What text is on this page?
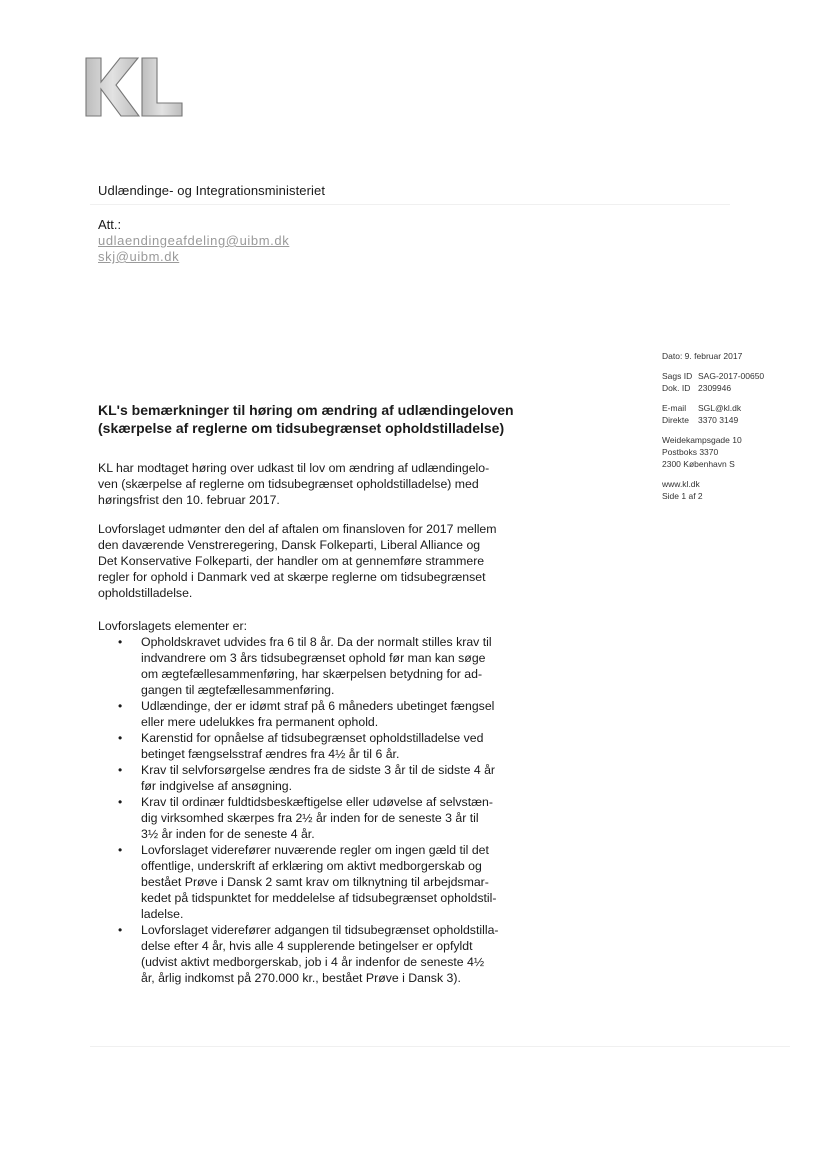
Udlændinge- og Integrationsministeriet
Att.:
udlaendingeafdeling@uibm.dk
skj@uibm.dk
Dato: 9. februar 2017
Sags ID SAG-2017-00650
Dok. ID 2309946
E-mail SGL@kl.dk
Direkte 3370 3149
Weidekampsgade 10
Postboks 3370
2300 København S
www.kl.dk
Side 1 af 2
KL's bemærkninger til høring om ændring af udlændingeloven
(skærpelse af reglerne om tidsubegrænset opholdstilladelse)
KL har modtaget høring over udkast til lov om ændring af udlændingelo-
ven (skærpelse af reglerne om tidsubegrænset opholdstilladelse) med
høringsfrist den 10. februar 2017.
Lovforslaget udmønter den del af aftalen om finansloven for 2017 mellem
den daværende Venstreregering, Dansk Folkeparti, Liberal Alliance og
Det Konservative Folkeparti, der handler om at gennemføre strammere
regler for ophold i Danmark ved at skærpe reglerne om tidsubegrænset
opholdstilladelse.
Lovforslagets elementer er:
• Opholdskravet udvides fra 6 til 8 år. Da der normalt stilles krav til
indvandrere om 3 års tidsubegrænset ophold før man kan søge
om ægtefællesammenføring, har skærpelsen betydning for ad-
gangen til ægtefællesammenføring.
• Udlændinge, der er idømt straf på 6 måneders ubetinget fængsel
eller mere udelukkes fra permanent ophold.
• Karenstid for opnåelse af tidsubegrænset opholdstilladelse ved
betinget fængselsstraf ændres fra 4½ år til 6 år.
• Krav til selvforsørgelse ændres fra de sidste 3 år til de sidste 4 år
før indgivelse af ansøgning.
• Krav til ordinær fuldtidsbeskæftigelse eller udøvelse af selvstæn-
dig virksomhed skærpes fra 2½ år inden for de seneste 3 år til
3½ år inden for de seneste 4 år.
• Lovforslaget viderefører nuværende regler om ingen gæld til det
offentlige, underskrift af erklæring om aktivt medborgerskab og
bestået Prøve i Dansk 2 samt krav om tilknytning til arbejdsmar-
kedet på tidspunktet for meddelelse af tidsubegrænset opholdstil-
ladelse.
• Lovforslaget viderefører adgangen til tidsubegrænset opholdstilla-
delse efter 4 år, hvis alle 4 supplerende betingelser er opfyldt
(udvist aktivt medborgerskab, job i 4 år indenfor de seneste 4½
år, årlig indkomst på 270.000 kr., bestået Prøve i Dansk 3).
